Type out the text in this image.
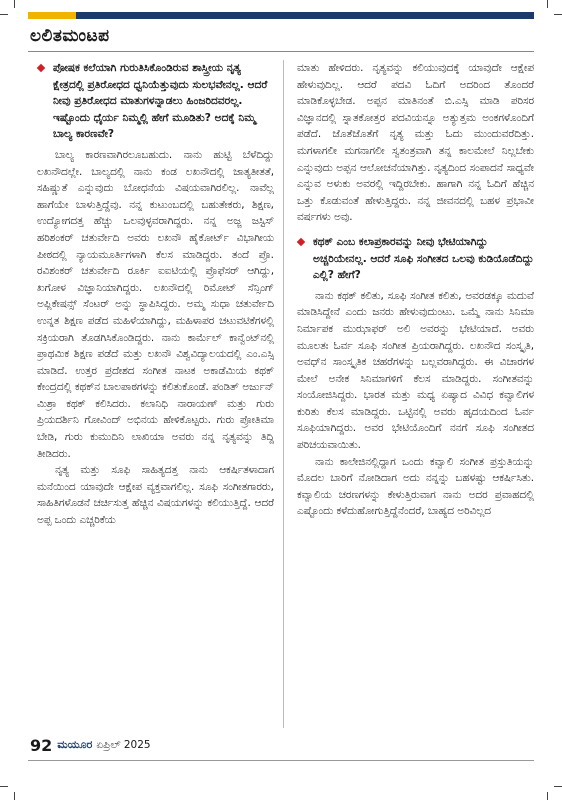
ಲಲಿತಮಂಟಪ
ಪೋಷಕ ಕಲೆಯಾಗಿ ಗುರುತಿಸಿಕೊಂಡಿರುವ ಶಾಸ್ತ್ರೀಯ ನೃತ್ಯ ಕ್ಷೇತ್ರದಲ್ಲಿ ಪ್ರತಿರೋಧದ ಧ್ವನಿಯೆತ್ತುವುದು ಸುಲಭವೇನಲ್ಲ. ಆದರೆ ನೀವು ಪ್ರತಿರೋಧದ ಮಾತುಗಳನ್ನಾಡಲು ಹಿಂಜರಿದವರಲ್ಲ. ಇಷ್ಟೊಂದು ಧೈರ್ಯ ನಿಮ್ಮಲ್ಲಿ ಹೇಗೆ ಮೂಡಿತು? ಅದಕ್ಕೆ ನಿಮ್ಮ ಬಾಲ್ಯ ಕಾರಣವೇ?

ಬಾಲ್ಯ ಕಾರಣವಾಗಿರಲೂಬಹುದು. ನಾನು ಹುಟ್ಟಿ ಬೆಳೆದಿದ್ದು ಲಖನೌದಲ್ಲೇ. ಬಾಲ್ಯದಲ್ಲಿ ನಾನು ಕಂಡ ಲಖನೌದಲ್ಲಿ ಜಾತ್ಯತೀತತೆ, ಸಹಿಷ್ಣುತೆ ಎನ್ನುವುದು ಬೋಧನೆಯ ವಿಷಯವಾಗಿರಲಿಲ್ಲ. ನಾವೆಲ್ಲ ಹಾಗೆಯೇ ಬಾಳುತ್ತಿದ್ದೆವು. ನನ್ನ ಕುಟುಂಬದಲ್ಲಿ ಬಹುತೇಕರು, ಶಿಕ್ಷಣ, ಉದ್ಯೋಗದತ್ತ ಹೆಚ್ಚು ಒಲವುಳ್ಳವರಾಗಿದ್ದರು. ನನ್ನ ಅಜ್ಜ ಜಸ್ಟಿಸ್ ಹರಿಶಂಕರ್ ಚತುರ್ವೇದಿ ಅವರು ಲಖನೌ ಹೈಕೋರ್ಟ್ ವಿಭಾಗೀಯ ಪೀಠದಲ್ಲಿ ನ್ಯಾಯಮೂರ್ತಿಗಳಾಗಿ ಕೆಲಸ ಮಾಡಿದ್ದರು. ತಂದೆ ಪ್ರೊ. ರವಿಶಂಕರ್ ಚತುರ್ವೇದಿ ರೂರ್ಕಿ ಐಐಟಿಯಲ್ಲಿ ಪ್ರೊಫೆಸರ್ ಆಗಿದ್ದು, ಖಗೋಳ ವಿಜ್ಞಾನಿಯಾಗಿದ್ದರು. ಲಖನೌದಲ್ಲಿ ರಿಮೋಟ್ ಸೆನ್ಸಿಂಗ್ ಅಪ್ಲಿಕೇಷನ್ಸ್ ಸೆಂಟರ್ ಅನ್ನು ಸ್ಥಾಪಿಸಿದ್ದರು. ಅಮ್ಮ ಸುಧಾ ಚತುರ್ವೇದಿ ಉನ್ನತ ಶಿಕ್ಷಣ ಪಡೆದ ಮಹಿಳೆಯಾಗಿದ್ದು, ಮಹಿಳಾಪರ ಚಟುವಟಿಕೆಗಳಲ್ಲಿ ಸಕ್ರಿಯರಾಗಿ ತೊಡಗಿಸಿಕೊಂಡಿದ್ದರು. ನಾನು ಕಾರ್ಮೆಲ್ ಕಾನ್ವೆಂಟ್‌ನಲ್ಲಿ ಪ್ರಾಥಮಿಕ ಶಿಕ್ಷಣ ಪಡೆದೆ ಮತ್ತು ಲಖನೌ ವಿಶ್ವವಿದ್ಯಾಲಯದಲ್ಲಿ ಎಂ.ಎಸ್ಸಿ ಮಾಡಿದೆ. ಉತ್ತರ ಪ್ರದೇಶದ ಸಂಗೀತ ನಾಟಕ ಅಕಾಡೆಮಿಯ ಕಥಕ್ ಕೇಂದ್ರದಲ್ಲಿ ಕಥಕ್‌ನ ಬಾಲಪಾಠಗಳನ್ನು ಕಲಿತುಕೊಂಡೆ. ಪಂಡಿತ್ ಅರ್ಜುನ್ ಮಿಶ್ರಾ ಕಥಕ್ ಕಲಿಸಿದರು. ಕಲಾನಿಧಿ ನಾರಾಯಣ್ ಮತ್ತು ಗುರು ಪ್ರಿಯದರ್ಶಿನಿ ಗೋವಿಂದ್ ಅಭಿನಯ ಹೇಳಿಕೊಟ್ಟರು. ಗುರು ಪ್ರೋತಿಮಾ ಬೇಡಿ, ಗುರು ಕುಮುದಿನಿ ಲಾಖಿಯಾ ಅವರು ನನ್ನ ನೃತ್ಯವನ್ನು ತಿದ್ದಿ ತೀಡಿದರು.

ನೃತ್ಯ ಮತ್ತು ಸೂಫಿ ಸಾಹಿತ್ಯದತ್ತ ನಾನು ಆಕರ್ಷಿತಳಾದಾಗ ಮನೆಯಿಂದ ಯಾವುದೇ ಆಕ್ಷೇಪ ವ್ಯಕ್ತವಾಗಲಿಲ್ಲ. ಸೂಫಿ ಸಂಗೀತಗಾರರು, ಸಾಹಿತಿಗಳೊಡನೆ ಚರ್ಚಿಸುತ್ತ ಹೆಚ್ಚಿನ ವಿಷಯಗಳನ್ನು ಕಲಿಯುತ್ತಿದ್ದೆ. ಆದರೆ ಅಪ್ಪ ಒಂದು ಎಚ್ಚರಿಕೆಯ

ಮಾತು ಹೇಳಿದರು. ನೃತ್ಯವನ್ನು ಕಲಿಯುವುದಕ್ಕೆ ಯಾವುದೇ ಆಕ್ಷೇಪ ಹೇಳುವುದಿಲ್ಲ. ಆದರೆ ಪದವಿ ಓದಿಗೆ ಅದರಿಂದ ತೊಂದರೆ ಮಾಡಿಕೊಳ್ಳಬೇಡ. ಅಪ್ಪನ ಮಾತಿನಂತೆ ಬಿ.ಎಸ್ಸಿ ಮಾಡಿ ಪರಿಸರ ವಿಜ್ಞಾನದಲ್ಲಿ ಸ್ನಾತಕೋತ್ತರ ಪದವಿಯನ್ನೂ ಅತ್ಯುತ್ತಮ ಅಂಕಗಳೊಂದಿಗೆ ಪಡೆದೆ. ಜೊತೆಜೊತೆಗೆ ನೃತ್ಯ ಮತ್ತು ಓದು ಮುಂದುವರೆದಿತ್ತು. ಮಗಳಾಗಲೀ ಮಗನಾಗಲೀ ಸ್ವತಂತ್ರವಾಗಿ ತನ್ನ ಕಾಲಮೇಲೆ ನಿಲ್ಲಬೇಕು ಎನ್ನುವುದು ಅಪ್ಪನ ಆಲೋಚನೆಯಾಗಿತ್ತು. ನೃತ್ಯದಿಂದ ಸಂಪಾದನೆ ಸಾಧ್ಯವೇ ಎನ್ನುವ ಅಳುಕು ಅವರಲ್ಲಿ ಇದ್ದಿರಬೇಕು. ಹಾಗಾಗಿ ನನ್ನ ಓದಿಗೆ ಹೆಚ್ಚಿನ ಒತ್ತು ಕೊಡುವಂತೆ ಹೇಳುತ್ತಿದ್ದರು. ನನ್ನ ಜೀವನದಲ್ಲಿ ಬಹಳ ಪ್ರಭಾವೀ ವರ್ಷಗಳು ಅವು.

ಕಥಕ್ ಎಂಬ ಕಲಾಪ್ರಕಾರವನ್ನು ನೀವು ಭೇಟಿಯಾಗಿದ್ದು ಅಚ್ಚರಿಯೇನಲ್ಲ. ಆದರೆ ಸೂಫಿ ಸಂಗೀತದ ಒಲವು ಕುಡಿಯೊಡೆದಿದ್ದು ಎಲ್ಲಿ? ಹೇಗೆ?

ನಾನು ಕಥಕ್ ಕಲಿತು, ಸೂಫಿ ಸಂಗೀತ ಕಲಿತು, ಅವರಡಕ್ಕೂ ಮದುವೆ ಮಾಡಿಸಿದ್ದೇನೆ ಎಂದು ಜನರು ಹೇಳುವುದುಂಟು. ಒಮ್ಮೆ ನಾನು ಸಿನಿಮಾ ನಿರ್ಮಾಪಕ ಮುಝಾಫರ್ ಅಲಿ ಅವರನ್ನು ಭೇಟಿಯಾದೆ. ಅವರು ಮೂಲತಃ ಓರ್ವ ಸೂಫಿ ಸಂಗೀತ ಪ್ರಿಯರಾಗಿದ್ದರು. ಲಖನೌದ ಸಂಸ್ಕೃತಿ, ಅವಧ್‌ನ ಸಾಂಸ್ಕೃತಿಕ ಚಹರೆಗಳನ್ನು ಬಲ್ಲವರಾಗಿದ್ದರು. ಈ ವಿಚಾರಗಳ ಮೇಲೆ ಅನೇಕ ಸಿನಿಮಾಗಳಿಗೆ ಕೆಲಸ ಮಾಡಿದ್ದರು. ಸಂಗೀತವನ್ನು ಸಂಯೋಜಿಸಿದ್ದರು. ಭಾರತ ಮತ್ತು ಮಧ್ಯ ಏಷ್ಯಾದ ವಿವಿಧ ಕವ್ವಾಲಿಗಳ ಕುರಿತು ಕೆಲಸ ಮಾಡಿದ್ದರು. ಒಟ್ಟಿನಲ್ಲಿ ಅವರು ಹೃದಯದಿಂದ ಓರ್ವ ಸೂಫಿಯಾಗಿದ್ದರು. ಅವರ ಭೇಟಿಯೊಂದಿಗೆ ನನಗೆ ಸೂಫಿ ಸಂಗೀತದ ಪರಿಚಯವಾಯಿತು.

ನಾನು ಕಾಲೇಜಿನಲ್ಲಿದ್ದಾಗ ಒಂದು ಕವ್ವಾಲಿ ಸಂಗೀತ ಪ್ರಸ್ತುತಿಯನ್ನು ಮೊದಲ ಬಾರಿಗೆ ನೋಡಿದಾಗ ಅದು ನನ್ನನ್ನು ಬಹಳಷ್ಟು ಆಕರ್ಷಿಸಿತು. ಕವ್ವಾಲಿಯ ಚರಣಗಳನ್ನು ಕೇಳುತ್ತಿರುವಾಗ ನಾನು ಅದರ ಪ್ರವಾಹದಲ್ಲಿ ಎಷ್ಟೊಂದು ಕಳೆದುಹೋಗುತ್ತಿದ್ದೆನೆಂದರೆ, ಬಾಹ್ಯದ ಅರಿವಿಲ್ಲದ

92 ಮಯೂರ ಏಪ್ರಿಲ್ 2025
